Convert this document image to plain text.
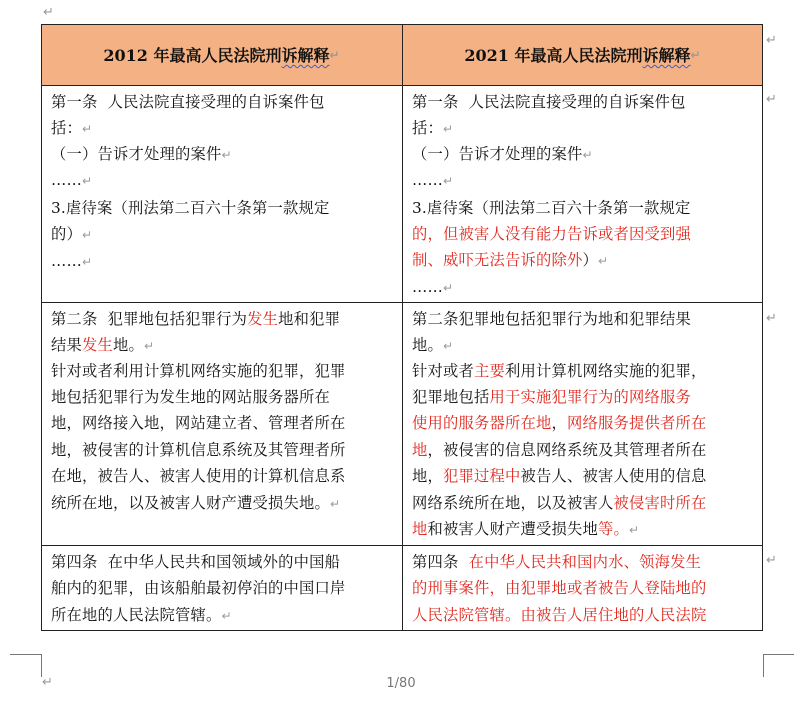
↵
2012 年最高人民法院刑 诉解释 ↵	2021 年最高人民法院刑 诉解释 ↵
↵
↵
↵
↵
第一条  人民法院直接受理的自诉案件包
括：↵
（一）告诉才处理的案件↵
……↵
3.虐待案（刑法第二百六十条第一款规定
的）↵
……↵
第一条  人民法院直接受理的自诉案件包
括：↵
（一）告诉才处理的案件↵
……↵
3.虐待案（刑法第二百六十条第一款规定
的，但被害人没有能力告诉或者因受到强
制、威吓无法告诉的除外）↵
……↵
第二条  犯罪地包括犯罪行为发生地和犯罪
结果发生地。↵
针对或者利用计算机网络实施的犯罪，犯罪
地包括犯罪行为发生地的网站服务器所在
地，网络接入地，网站建立者、管理者所在
地，被侵害的计算机信息系统及其管理者所
在地，被告人、被害人使用的计算机信息系
统所在地，以及被害人财产遭受损失地。↵
第二条犯罪地包括犯罪行为地和犯罪结果
地。↵
针对或者主要利用计算机网络实施的犯罪，
犯罪地包括用于实施犯罪行为的网络服务
使用的服务器所在地，网络服务提供者所在
地，被侵害的信息网络系统及其管理者所在
地，犯罪过程中被告人、被害人使用的信息
网络系统所在地，以及被害人被侵害时所在
地和被害人财产遭受损失地等。↵
第四条  在中华人民共和国领域外的中国船
舶内的犯罪，由该船舶最初停泊的中国口岸
所在地的人民法院管辖。↵
第四条  在中华人民共和国内水、领海发生
的刑事案件，由犯罪地或者被告人登陆地的
人民法院管辖。由被告人居住地的人民法院
↵	1/80
